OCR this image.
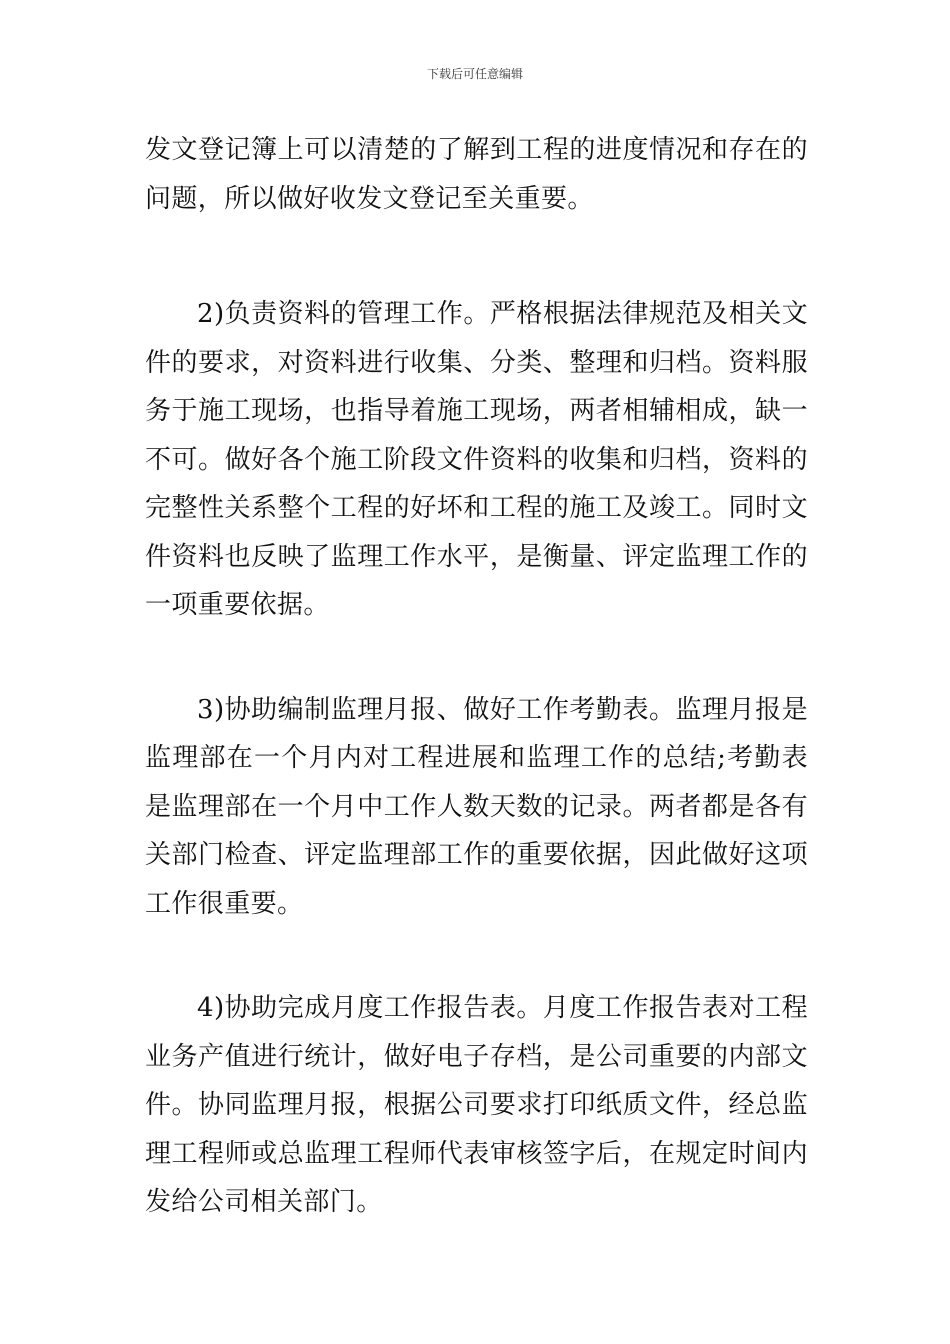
下载后可任意编辑

发文登记簿上可以清楚的了解到工程的进度情况和存在的问题，所以做好收发文登记至关重要。

2)负责资料的管理工作。严格根据法律规范及相关文件的要求，对资料进行收集、分类、整理和归档。资料服务于施工现场，也指导着施工现场，两者相辅相成，缺一不可。做好各个施工阶段文件资料的收集和归档，资料的完整性关系整个工程的好坏和工程的施工及竣工。同时文件资料也反映了监理工作水平，是衡量、评定监理工作的一项重要依据。

3)协助编制监理月报、做好工作考勤表。监理月报是监理部在一个月内对工程进展和监理工作的总结;考勤表是监理部在一个月中工作人数天数的记录。两者都是各有关部门检查、评定监理部工作的重要依据，因此做好这项工作很重要。

4)协助完成月度工作报告表。月度工作报告表对工程业务产值进行统计，做好电子存档，是公司重要的内部文件。协同监理月报，根据公司要求打印纸质文件，经总监理工程师或总监理工程师代表审核签字后，在规定时间内发给公司相关部门。
